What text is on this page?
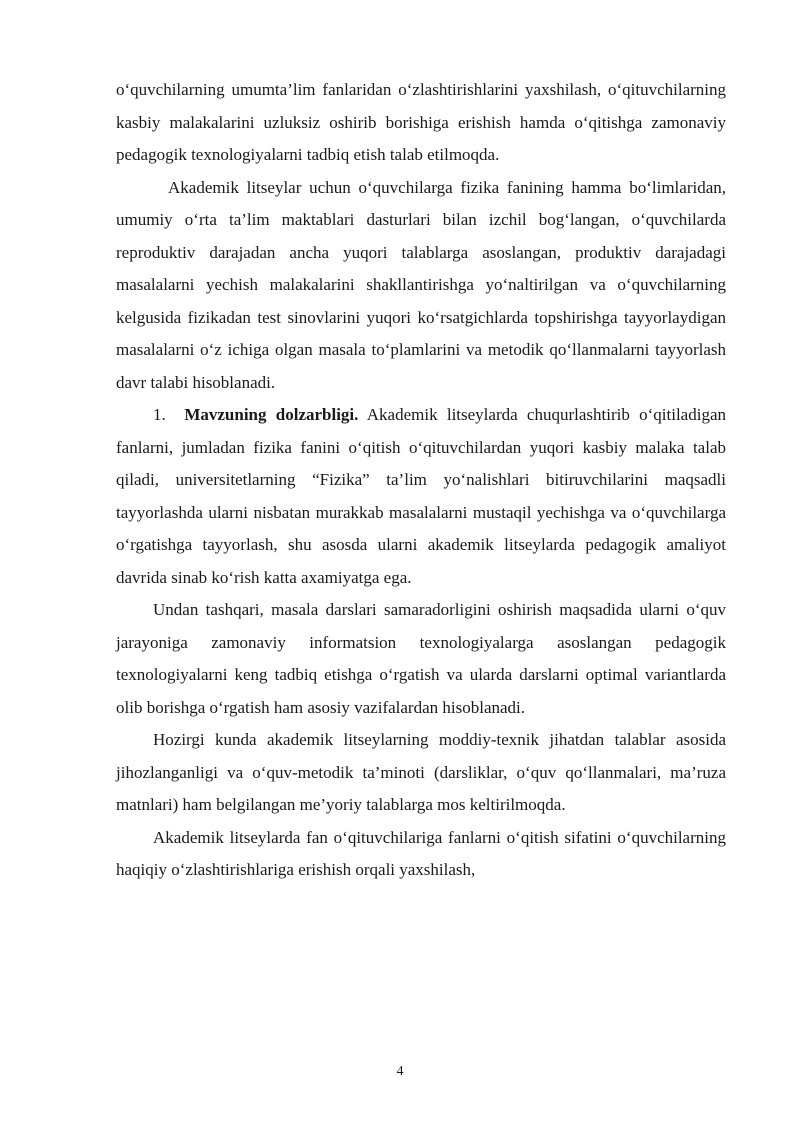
o‘quvchilarning umumta’lim fanlaridan o‘zlashtirishlarini yaxshilash, o‘qituvchilarning kasbiy malakalarini uzluksiz oshirib borishiga erishish hamda o‘qitishga zamonaviy pedagogik texnologiyalarni tadbiq etish talab etilmoqda.

Akademik litseylar uchun o‘quvchilarga fizika fanining hamma bo‘limlaridan, umumiy o‘rta ta’lim maktablari dasturlari bilan izchil bog‘langan, o‘quvchilarda reproduktiv darajadan ancha yuqori talablarga asoslangan, produktiv darajadagi masalalarni yechish malakalarini shakllantirishga yo‘naltirilgan va o‘quvchilarning kelgusida fizikadan test sinovlarini yuqori ko‘rsatgichlarda topshirishga tayyorlaydigan masalalarni o‘z ichiga olgan masala to‘plamlarini va metodik qo‘llanmalarni tayyorlash davr talabi hisoblanadi.

1. Mavzuning dolzarbligi. Akademik litseylarda chuqurlashtirib o‘qitiladigan fanlarni, jumladan fizika fanini o‘qitish o‘qituvchilardan yuqori kasbiy malaka talab qiladi, universitetlarning “Fizika” ta’lim yo‘nalishlari bitiruvchilarini maqsadli tayyorlashda ularni nisbatan murakkab masalalarni mustaqil yechishga va o‘quvchilarga o‘rgatishga tayyorlash, shu asosda ularni akademik litseylarda pedagogik amaliyot davrida sinab ko‘rish katta axamiyatga ega.

Undan tashqari, masala darslari samaradorligini oshirish maqsadida ularni o‘quv jarayoniga zamonaviy informatsion texnologiyalarga asoslangan pedagogik texnologiyalarni keng tadbiq etishga o‘rgatish va ularda darslarni optimal variantlarda olib borishga o‘rgatish ham asosiy vazifalardan hisoblanadi.

Hozirgi kunda akademik litseylarning moddiy-texnik jihatdan talablar asosida jihozlanganligi va o‘quv-metodik ta’minoti (darsliklar, o‘quv qo‘llanmalari, ma’ruza matnlari) ham belgilangan me’yoriy talablarga mos keltirilmoqda.

Akademik litseylarda fan o‘qituvchilariga fanlarni o‘qitish sifatini o‘quvchilarning haqiqiy o‘zlashtirishlariga erishish orqali yaxshilash,

4
